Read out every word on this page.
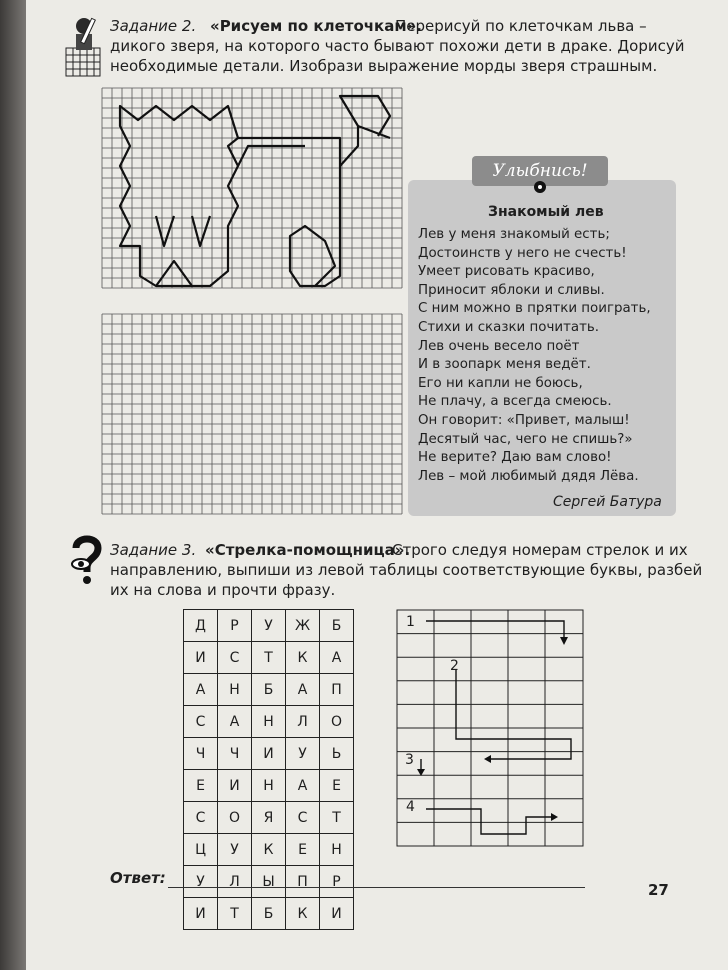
Задание 2. «Рисуем по клеточкам».
Перерисуй по клеточкам льва –
дикого зверя, на которого часто бывают похожи дети в драке. Дорисуй
необходимые детали. Изобрази выражение морды зверя страшным.
Улыбнись!
Знакомый лев
Лев у меня знакомый есть;
Достоинств у него не счесть!
Умеет рисовать красиво,
Приносит яблоки и сливы.
С ним можно в прятки поиграть,
Стихи и сказки почитать.
Лев очень весело поёт
И в зоопарк меня ведёт.
Его ни капли не боюсь,
Не плачу, а всегда смеюсь.
Он говорит: «Привет, малыш!
Десятый час, чего не спишь?»
Не верите? Даю вам слово!
Лев – мой любимый дядя Лёва.
Сергей Батура
Задание 3. «Стрелка-помощница».
Строго следуя номерам стрелок и их
направлению, выпиши из левой таблицы соответствующие буквы, разбей
их на слова и прочти фразу.
Д	Р	У	Ж	Б
И	С	Т	К	А
А	Н	Б	А	П
С	А	Н	Л	О
Ч	Ч	И	У	Ь
Е	И	Н	А	Е
С	О	Я	С	Т
Ц	У	К	Е	Н
У	Л	Ы	П	Р
И	Т	Б	К	И
1
2
3
4
Ответ:
27
